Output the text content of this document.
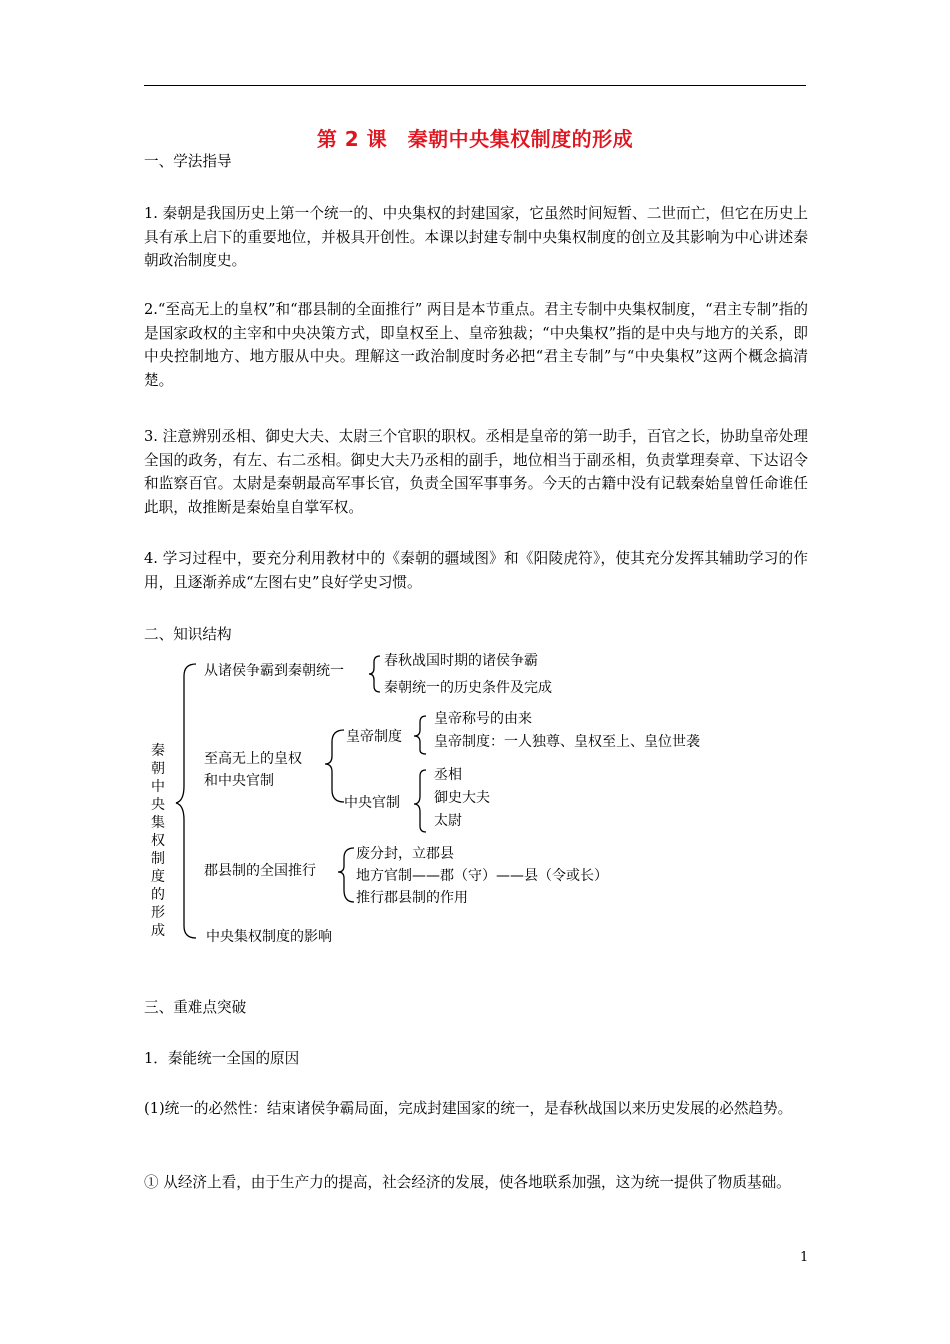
第 2 课　秦朝中央集权制度的形成
一、学法指导
1. 秦朝是我国历史上第一个统一的、中央集权的封建国家，它虽然时间短暂、二世而亡，但它在历史上具有承上启下的重要地位，并极具开创性。本课以封建专制中央集权制度的创立及其影响为中心讲述秦朝政治制度史。
2.“至高无上的皇权”和“郡县制的全面推行” 两目是本节重点。君主专制中央集权制度，“君主专制”指的是国家政权的主宰和中央决策方式，即皇权至上、皇帝独裁；“中央集权”指的是中央与地方的关系，即中央控制地方、地方服从中央。理解这一政治制度时务必把“君主专制”与“中央集权”这两个概念搞清楚。
3. 注意辨别丞相、御史大夫、太尉三个官职的职权。丞相是皇帝的第一助手，百官之长，协助皇帝处理全国的政务，有左、右二丞相。御史大夫乃丞相的副手，地位相当于副丞相，负责掌理奏章、下达诏令和监察百官。太尉是秦朝最高军事长官，负责全国军事事务。今天的古籍中没有记载秦始皇曾任命谁任此职，故推断是秦始皇自掌军权。
4. 学习过程中，要充分利用教材中的《秦朝的疆域图》和《阳陵虎符》，使其充分发挥其辅助学习的作用，且逐渐养成“左图右史”良好学史习惯。
二、知识结构
秦朝中央集权制度的形成
从诸侯争霸到秦朝统一
春秋战国时期的诸侯争霸
秦朝统一的历史条件及完成
至高无上的皇权
和中央官制
皇帝制度
皇帝称号的由来
皇帝制度：一人独尊、皇权至上、皇位世袭
中央官制
丞相
御史大夫
太尉
郡县制的全国推行
废分封，立郡县
地方官制——郡（守）——县（令或长）
推行郡县制的作用
中央集权制度的影响
三、重难点突破
1．秦能统一全国的原因
(1)统一的必然性：结束诸侯争霸局面，完成封建国家的统一，是春秋战国以来历史发展的必然趋势。
① 从经济上看，由于生产力的提高，社会经济的发展，使各地联系加强，这为统一提供了物质基础。
1
